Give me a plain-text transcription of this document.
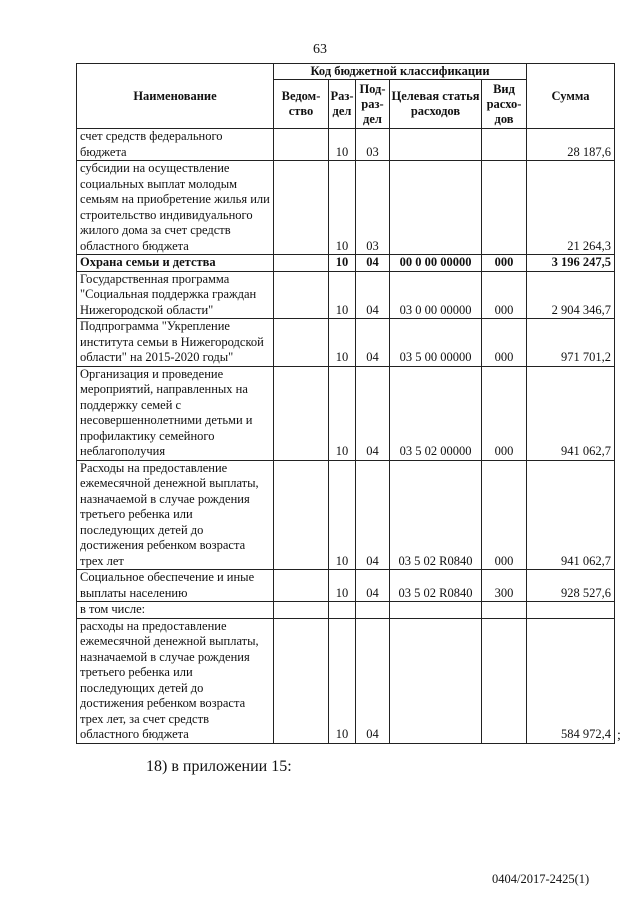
63
Наименование	Код бюджетной классификации					Сумма
	Ведом-ство	Раз-дел	Под-раз-дел	Целевая статья расходов	Вид расхо-дов	
счет средств федерального бюджета		10	03			28 187,6
субсидии на осуществление социальных выплат молодым семьям на приобретение жилья или строительство индивидуального жилого дома за счет средств областного бюджета		10	03			21 264,3
Охрана семьи и детства		10	04	00 0 00 00000	000	3 196 247,5
Государственная программа "Социальная поддержка граждан Нижегородской области"		10	04	03 0 00 00000	000	2 904 346,7
Подпрограмма "Укрепление института семьи в Нижегородской области" на 2015-2020 годы"		10	04	03 5 00 00000	000	971 701,2
Организация и проведение мероприятий, направленных на поддержку семей с несовершеннолетними детьми и профилактику семейного неблагополучия		10	04	03 5 02 00000	000	941 062,7
Расходы на предоставление ежемесячной денежной выплаты, назначаемой в случае рождения третьего ребенка или последующих детей до достижения ребенком возраста трех лет		10	04	03 5 02 R0840	000	941 062,7
Социальное обеспечение и иные выплаты населению		10	04	03 5 02 R0840	300	928 527,6
в том числе:						
расходы на предоставление ежемесячной денежной выплаты, назначаемой в случае рождения третьего ребенка или последующих детей до достижения ребенком возраста трех лет, за счет средств областного бюджета		10	04			584 972,4 ;
18) в приложении 15:
0404/2017-2425(1)
